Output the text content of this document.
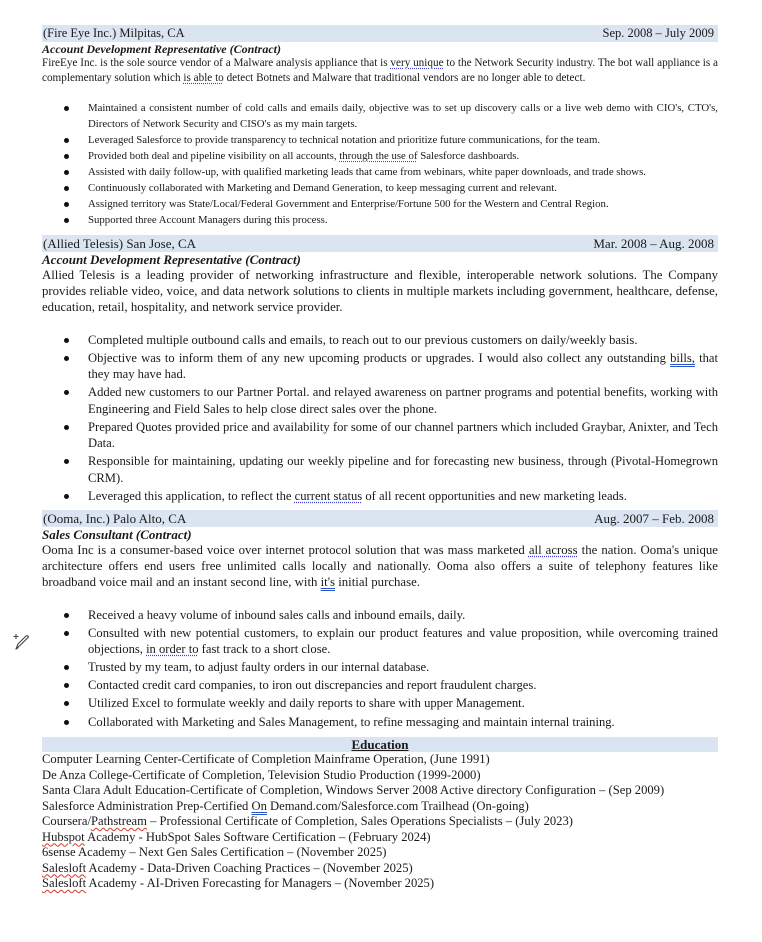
(Fire Eye Inc.) Milpitas, CA	Sep. 2008 – July 2009
Account Development Representative (Contract)

FireEye Inc. is the sole source vendor of a Malware analysis appliance that is very unique to the Network Security industry. The bot wall appliance is a complementary solution which is able to detect Botnets and Malware that traditional vendors are no longer able to detect.

Maintained a consistent number of cold calls and emails daily, objective was to set up discovery calls or a live web demo with CIO's, CTO's, Directors of Network Security and CISO's as my main targets.
Leveraged Salesforce to provide transparency to technical notation and prioritize future communications, for the team.
Provided both deal and pipeline visibility on all accounts, through the use of Salesforce dashboards.
Assisted with daily follow-up, with qualified marketing leads that came from webinars, white paper downloads, and trade shows.
Continuously collaborated with Marketing and Demand Generation, to keep messaging current and relevant.
Assigned territory was State/Local/Federal Government and Enterprise/Fortune 500 for the Western and Central Region.
Supported three Account Managers during this process.
(Allied Telesis) San Jose, CA	Mar. 2008 – Aug. 2008
Account Development Representative (Contract)

Allied Telesis is a leading provider of networking infrastructure and flexible, interoperable network solutions. The Company provides reliable video, voice, and data network solutions to clients in multiple markets including government, healthcare, defense, education, retail, hospitality, and network service provider.

Completed multiple outbound calls and emails, to reach out to our previous customers on daily/weekly basis.
Objective was to inform them of any new upcoming products or upgrades. I would also collect any outstanding bills, that they may have had.
Added new customers to our Partner Portal. and relayed awareness on partner programs and potential benefits, working with Engineering and Field Sales to help close direct sales over the phone.
Prepared Quotes provided price and availability for some of our channel partners which included Graybar, Anixter, and Tech Data.
Responsible for maintaining, updating our weekly pipeline and for forecasting new business, through (Pivotal-Homegrown CRM).
Leveraged this application, to reflect the current status of all recent opportunities and new marketing leads.
(Ooma, Inc.) Palo Alto, CA	Aug. 2007 – Feb. 2008
Sales Consultant (Contract)

Ooma Inc is a consumer-based voice over internet protocol solution that was mass marketed all across the nation. Ooma's unique architecture offers end users free unlimited calls locally and nationally. Ooma also offers a suite of telephony features like broadband voice mail and an instant second line, with it's initial purchase.

Received a heavy volume of inbound sales calls and inbound emails, daily.
Consulted with new potential customers, to explain our product features and value proposition, while overcoming trained objections, in order to fast track to a short close.
Trusted by my team, to adjust faulty orders in our internal database.
Contacted credit card companies, to iron out discrepancies and report fraudulent charges.
Utilized Excel to formulate weekly and daily reports to share with upper Management.
Collaborated with Marketing and Sales Management, to refine messaging and maintain internal training.
Education
Computer Learning Center-Certificate of Completion Mainframe Operation, (June 1991)
De Anza College-Certificate of Completion, Television Studio Production (1999-2000)
Santa Clara Adult Education-Certificate of Completion, Windows Server 2008 Active directory Configuration – (Sep 2009)
Salesforce Administration Prep-Certified On Demand.com/Salesforce.com Trailhead (On-going)
Coursera/Pathstream – Professional Certificate of Completion, Sales Operations Specialists – (July 2023)
Hubspot Academy - HubSpot Sales Software Certification – (February 2024)
6sense Academy – Next Gen Sales Certification – (November 2025)
Salesloft Academy - Data-Driven Coaching Practices – (November 2025)
Salesloft Academy - AI-Driven Forecasting for Managers – (November 2025)
